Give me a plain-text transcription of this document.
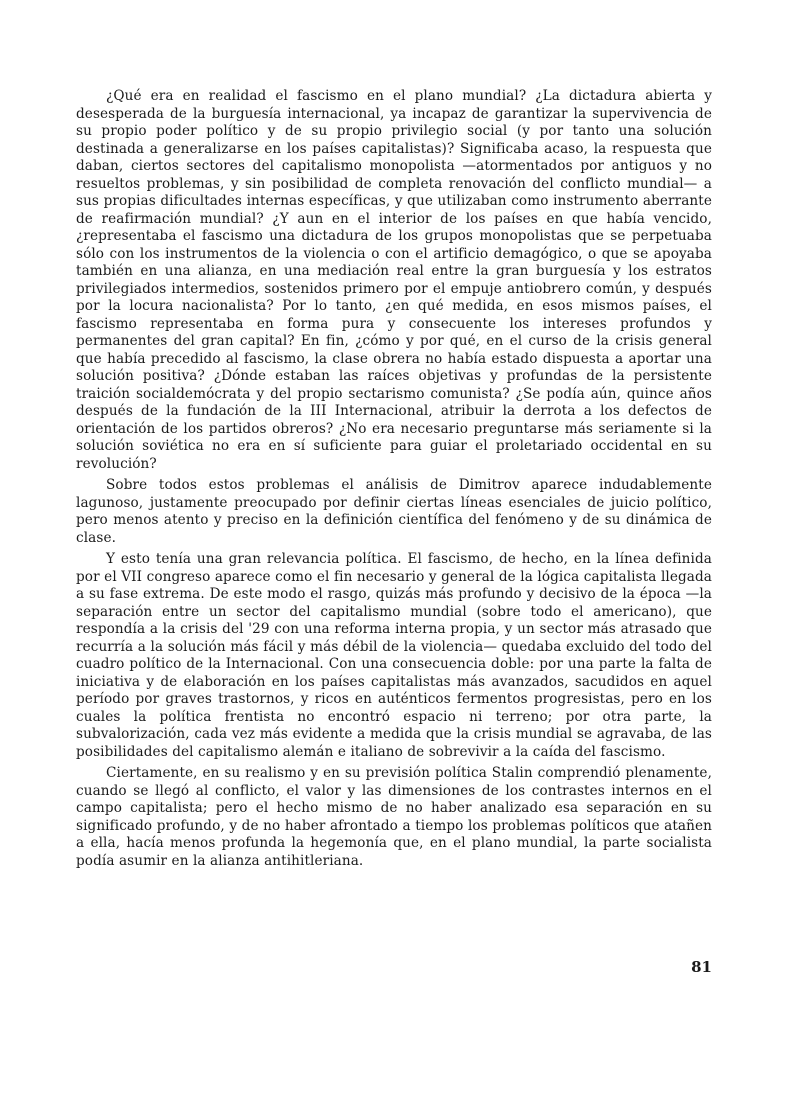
¿Qué era en realidad el fascismo en el plano mundial? ¿La dictadura abierta y desesperada de la burguesía internacional, ya incapaz de garantizar la supervivencia de su propio poder político y de su propio privilegio social (y por tanto una solución destinada a generalizarse en los países capitalistas)? Significaba acaso, la respuesta que daban, ciertos sectores del capitalismo monopolista —atormentados por antiguos y no resueltos problemas, y sin posibilidad de completa renovación del conflicto mundial— a sus propias dificultades internas específicas, y que utilizaban como instrumento aberrante de reafirmación mundial? ¿Y aun en el interior de los países en que había vencido, ¿representaba el fascismo una dictadura de los grupos monopolistas que se perpetuaba sólo con los instrumentos de la violencia o con el artificio demagógico, o que se apoyaba también en una alianza, en una mediación real entre la gran burguesía y los estratos privilegiados intermedios, sostenidos primero por el empuje antiobrero común, y después por la locura nacionalista? Por lo tanto, ¿en qué medida, en esos mismos países, el fascismo representaba en forma pura y consecuente los intereses profundos y permanentes del gran capital? En fin, ¿cómo y por qué, en el curso de la crisis general que había precedido al fascismo, la clase obrera no había estado dispuesta a aportar una solución positiva? ¿Dónde estaban las raíces objetivas y profundas de la persistente traición socialdemócrata y del propio sectarismo comunista? ¿Se podía aún, quince años después de la fundación de la III Internacional, atribuir la derrota a los defectos de orientación de los partidos obreros? ¿No era necesario preguntarse más seriamente si la solución soviética no era en sí suficiente para guiar el proletariado occidental en su revolución?

Sobre todos estos problemas el análisis de Dimitrov aparece indudablemente lagunoso, justamente preocupado por definir ciertas líneas esenciales de juicio político, pero menos atento y preciso en la definición científica del fenómeno y de su dinámica de clase.

Y esto tenía una gran relevancia política. El fascismo, de hecho, en la línea definida por el VII congreso aparece como el fin necesario y general de la lógica capitalista llegada a su fase extrema. De este modo el rasgo, quizás más profundo y decisivo de la época —la separación entre un sector del capitalismo mundial (sobre todo el americano), que respondía a la crisis del '29 con una reforma interna propia, y un sector más atrasado que recurría a la solución más fácil y más débil de la violencia— quedaba excluido del todo del cuadro político de la Internacional. Con una consecuencia doble: por una parte la falta de iniciativa y de elaboración en los países capitalistas más avanzados, sacudidos en aquel período por graves trastornos, y ricos en auténticos fermentos progresistas, pero en los cuales la política frentista no encontró espacio ni terreno; por otra parte, la subvalorización, cada vez más evidente a medida que la crisis mundial se agravaba, de las posibilidades del capitalismo alemán e italiano de sobrevivir a la caída del fascismo.

Ciertamente, en su realismo y en su previsión política Stalin comprendió plenamente, cuando se llegó al conflicto, el valor y las dimensiones de los contrastes internos en el campo capitalista; pero el hecho mismo de no haber analizado esa separación en su significado profundo, y de no haber afrontado a tiempo los problemas políticos que atañen a ella, hacía menos profunda la hegemonía que, en el plano mundial, la parte socialista podía asumir en la alianza antihitleriana.

81
